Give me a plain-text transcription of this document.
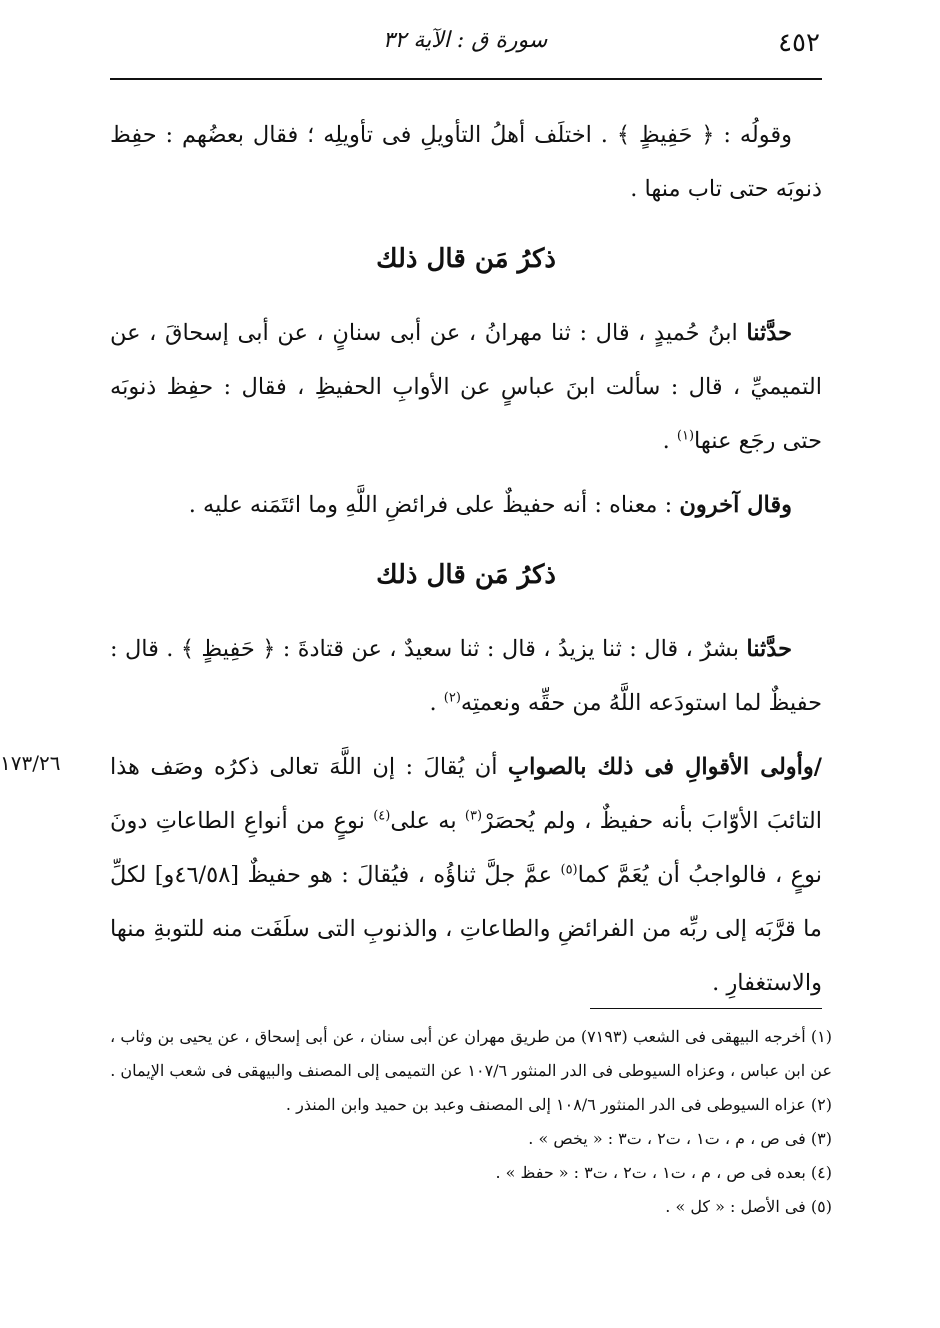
٤٥٢
سورة ق : الآية ٣٢

وقولُه : ﴿ حَفِيظٍ ﴾ . اختلَف أهلُ التأويلِ فى تأويلِه ؛ فقال بعضُهم : حفِظ ذنوبَه حتى تاب منها .

ذكرُ مَن قال ذلك

حدَّثنا ابنُ حُميدٍ ، قال : ثنا مهرانُ ، عن أبى سنانٍ ، عن أبى إسحاقَ ، عن التميميِّ ، قال : سألت ابنَ عباسٍ عن الأوابِ الحفيظِ ، فقال : حفِظ ذنوبَه حتى رجَع عنها$^{(١)}$ .

وقال آخرون : معناه : أنه حفيظٌ على فرائضِ اللَّهِ وما ائتَمَنه عليه .

ذكرُ مَن قال ذلك

حدَّثنا بشرٌ ، قال : ثنا يزيدُ ، قال : ثنا سعيدٌ ، عن قتادةَ : ﴿ حَفِيظٍ ﴾ . قال : حفيظٌ لما استودَعه اللَّهُ من حقِّه ونعمتِه$^{(٢)}$ .

١٧٣/٢٦	/وأولى الأقوالِ فى ذلك بالصوابِ أن يُقالَ : إن اللَّهَ تعالى ذكرُه وصَف هذا التائبَ الأوّابَ بأنه حفيظٌ ، ولم يُحصَرْ$^{(٣)}$ به على$^{(٤)}$ نوعٍ من أنواعِ الطاعاتِ دونَ نوعٍ ، فالواجبُ أن يُعَمَّ كما$^{(٥)}$ عمَّ جلَّ ثناؤُه ، فيُقالَ : هو حفيظٌ [٤٦/٥٨و] لكلِّ ما قرَّبَه إلى ربِّه من الفرائضِ والطاعاتِ ، والذنوبِ التى سلَفَت منه للتوبةِ منها والاستغفارِ .

(١) أخرجه البيهقى فى الشعب (٧١٩٣) من طريق مهران عن أبى سنان ، عن أبى إسحاق ، عن يحيى بن وثاب ، عن ابن عباس ، وعزاه السيوطى فى الدر المنثور ١٠٧/٦ عن التميمى إلى المصنف والبيهقى فى شعب الإيمان .

(٢) عزاه السيوطى فى الدر المنثور ١٠٨/٦ إلى المصنف وعبد بن حميد وابن المنذر .

(٣) فى ص ، م ، ت١ ، ت٢ ، ت٣ : « يخص » .

(٤) بعده فى ص ، م ، ت١ ، ت٢ ، ت٣ : « حفظ » .

(٥) فى الأصل : « كل » .
